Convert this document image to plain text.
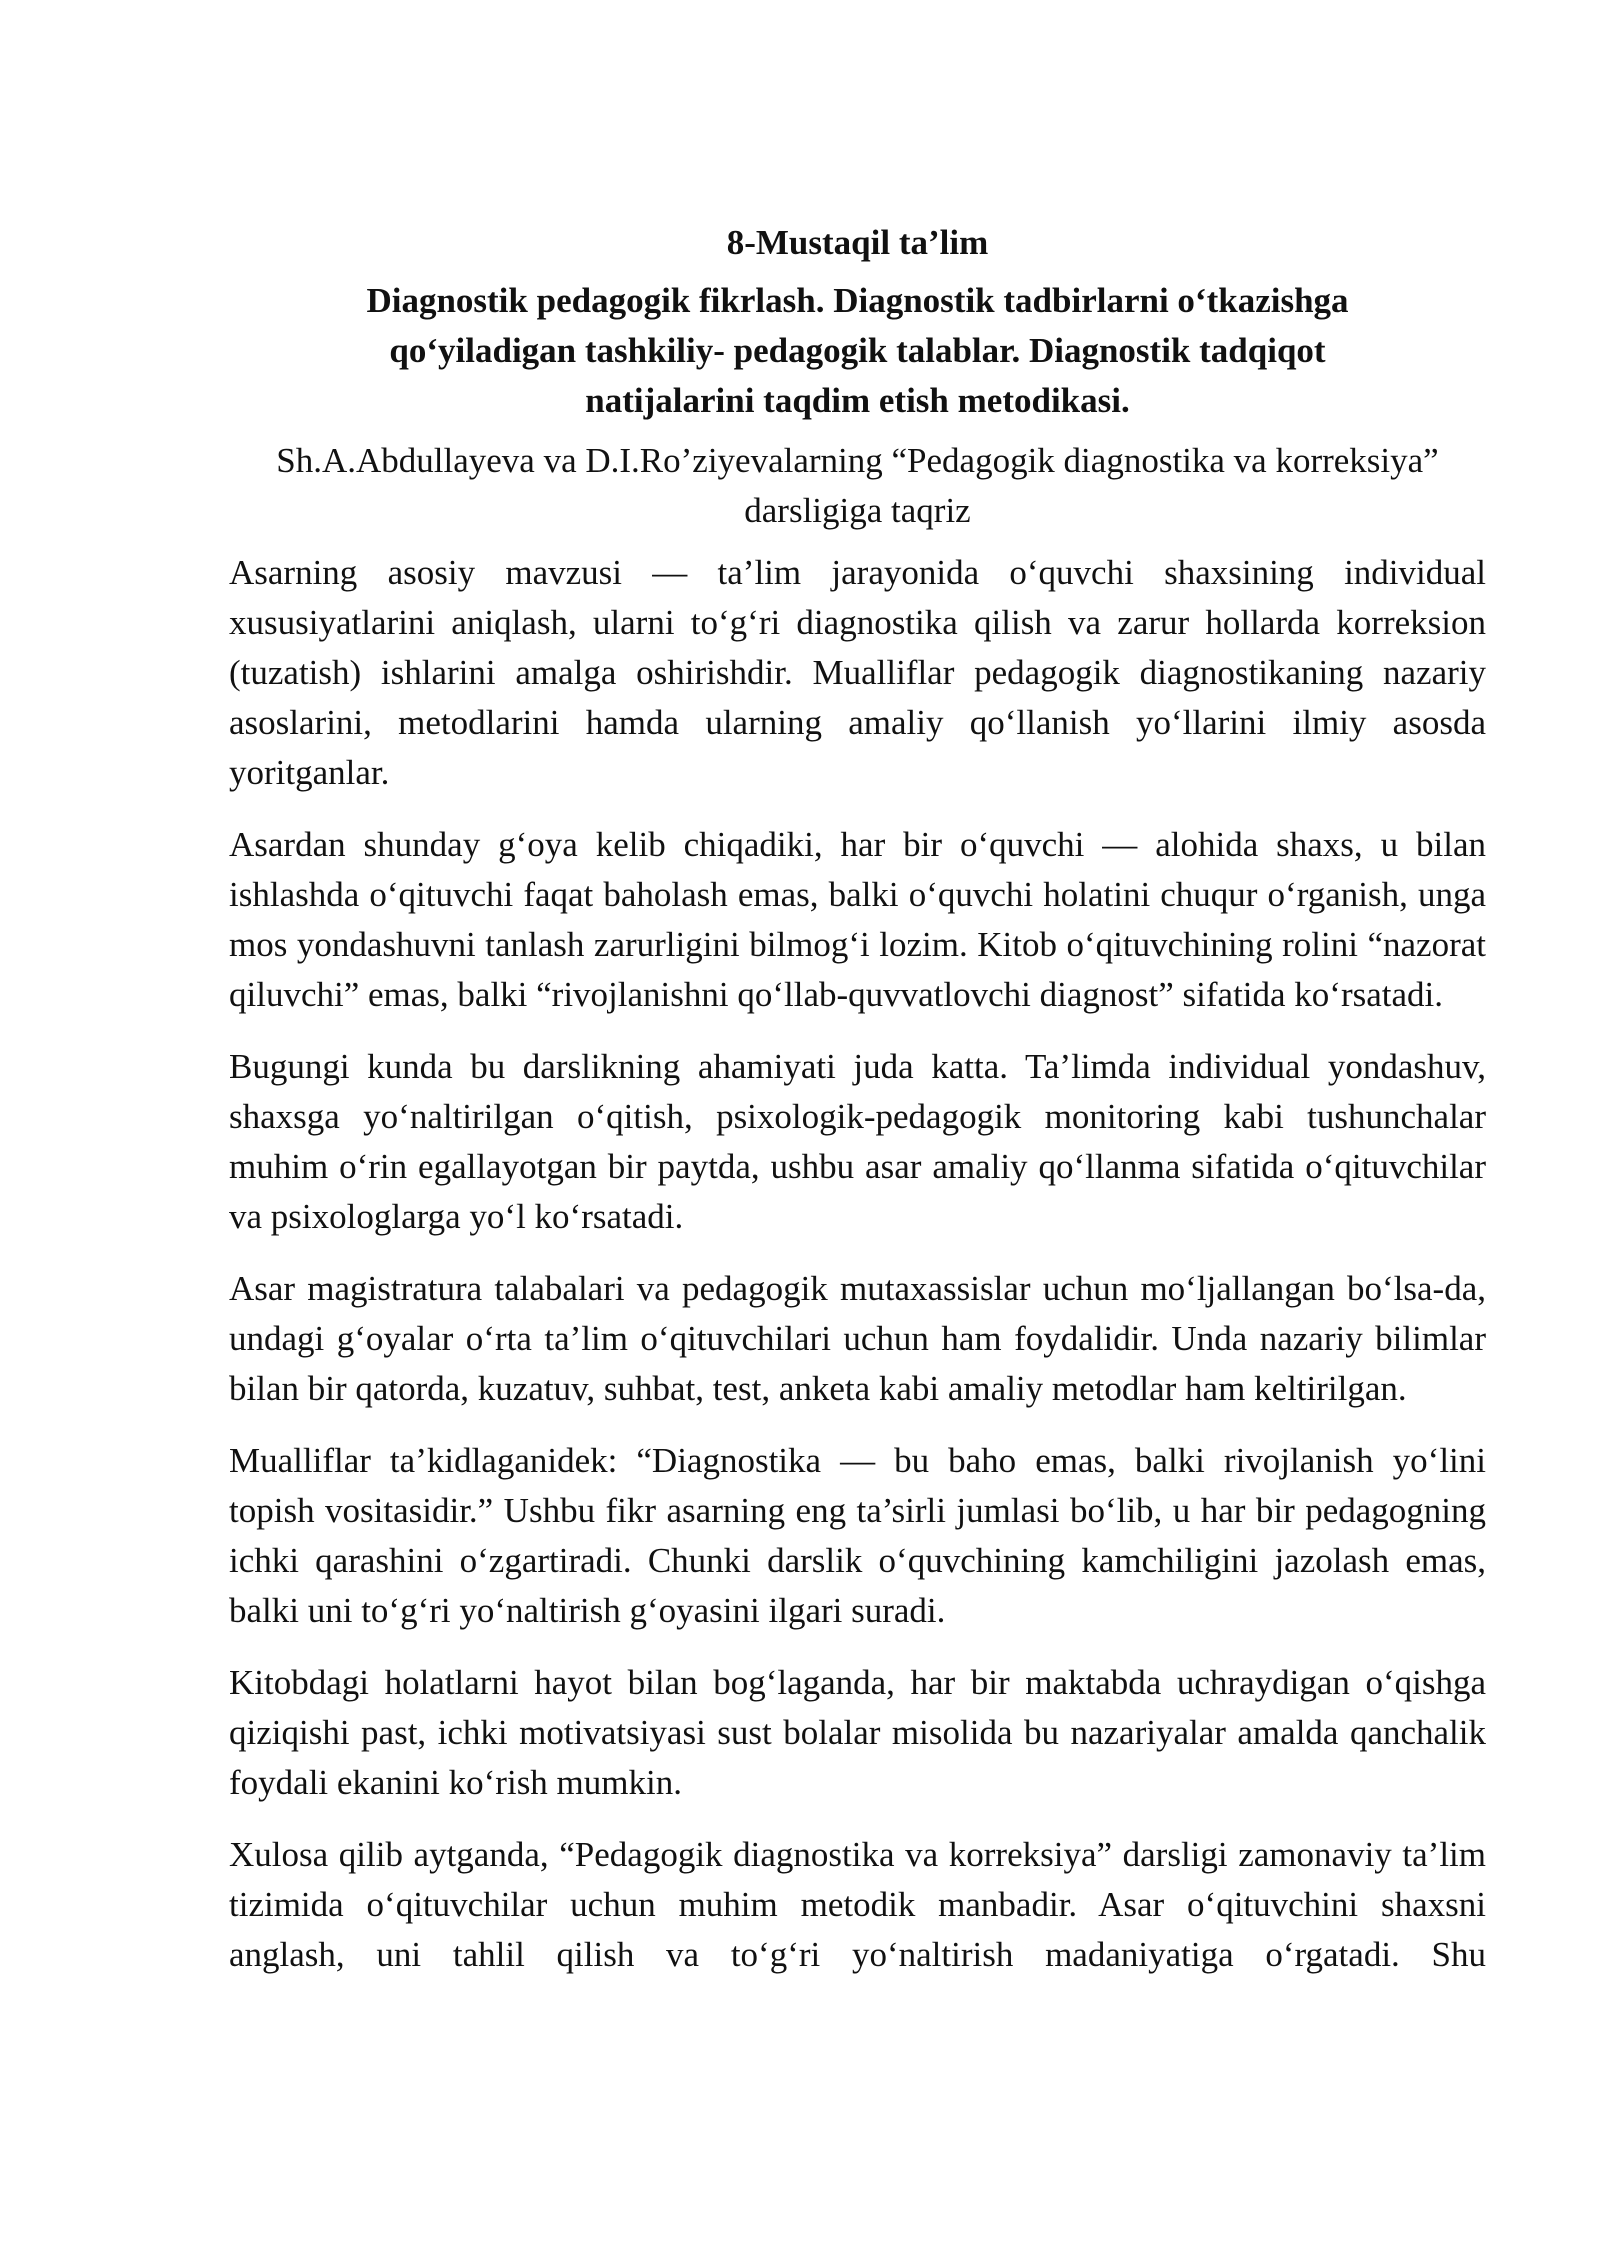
8-Mustaqil ta’lim
Diagnostik pedagogik fikrlash. Diagnostik tadbirlarni o‘tkazishga qo‘yiladigan tashkiliy- pedagogik talablar. Diagnostik tadqiqot natijalarini taqdim etish metodikasi.
Sh.A.Abdullayeva va D.I.Ro’ziyevalarning “Pedagogik diagnostika va korreksiya” darsligiga taqriz

Asarning asosiy mavzusi — ta’lim jarayonida o‘quvchi shaxsining individual xususiyatlarini aniqlash, ularni to‘g‘ri diagnostika qilish va zarur hollarda korreksion (tuzatish) ishlarini amalga oshirishdir. Mualliflar pedagogik diagnostikaning nazariy asoslarini, metodlarini hamda ularning amaliy qo‘llanish yo‘llarini ilmiy asosda yoritganlar.

Asardan shunday g‘oya kelib chiqadiki, har bir o‘quvchi — alohida shaxs, u bilan ishlashda o‘qituvchi faqat baholash emas, balki o‘quvchi holatini chuqur o‘rganish, unga mos yondashuvni tanlash zarurligini bilmog‘i lozim. Kitob o‘qituvchining rolini “nazorat qiluvchi” emas, balki “rivojlanishni qo‘llab-quvvatlovchi diagnost” sifatida ko‘rsatadi.

Bugungi kunda bu darslikning ahamiyati juda katta. Ta’limda individual yondashuv, shaxsga yo‘naltirilgan o‘qitish, psixologik-pedagogik monitoring kabi tushunchalar muhim o‘rin egallayotgan bir paytda, ushbu asar amaliy qo‘llanma sifatida o‘qituvchilar va psixologlarga yo‘l ko‘rsatadi.

Asar magistratura talabalari va pedagogik mutaxassislar uchun mo‘ljallangan bo‘lsa-da, undagi g‘oyalar o‘rta ta’lim o‘qituvchilari uchun ham foydalidir. Unda nazariy bilimlar bilan bir qatorda, kuzatuv, suhbat, test, anketa kabi amaliy metodlar ham keltirilgan.

Mualliflar ta’kidlaganidek: “Diagnostika — bu baho emas, balki rivojlanish yo‘lini topish vositasidir.” Ushbu fikr asarning eng ta’sirli jumlasi bo‘lib, u har bir pedagogning ichki qarashini o‘zgartiradi. Chunki darslik o‘quvchining kamchiligini jazolash emas, balki uni to‘g‘ri yo‘naltirish g‘oyasini ilgari suradi.

Kitobdagi holatlarni hayot bilan bog‘laganda, har bir maktabda uchraydigan o‘qishga qiziqishi past, ichki motivatsiyasi sust bolalar misolida bu nazariyalar amalda qanchalik foydali ekanini ko‘rish mumkin.

Xulosa qilib aytganda, “Pedagogik diagnostika va korreksiya” darsligi zamonaviy ta’lim tizimida o‘qituvchilar uchun muhim metodik manbadir. Asar o‘qituvchini shaxsni anglash, uni tahlil qilish va to‘g‘ri yo‘naltirish madaniyatiga o‘rgatadi. Shu
